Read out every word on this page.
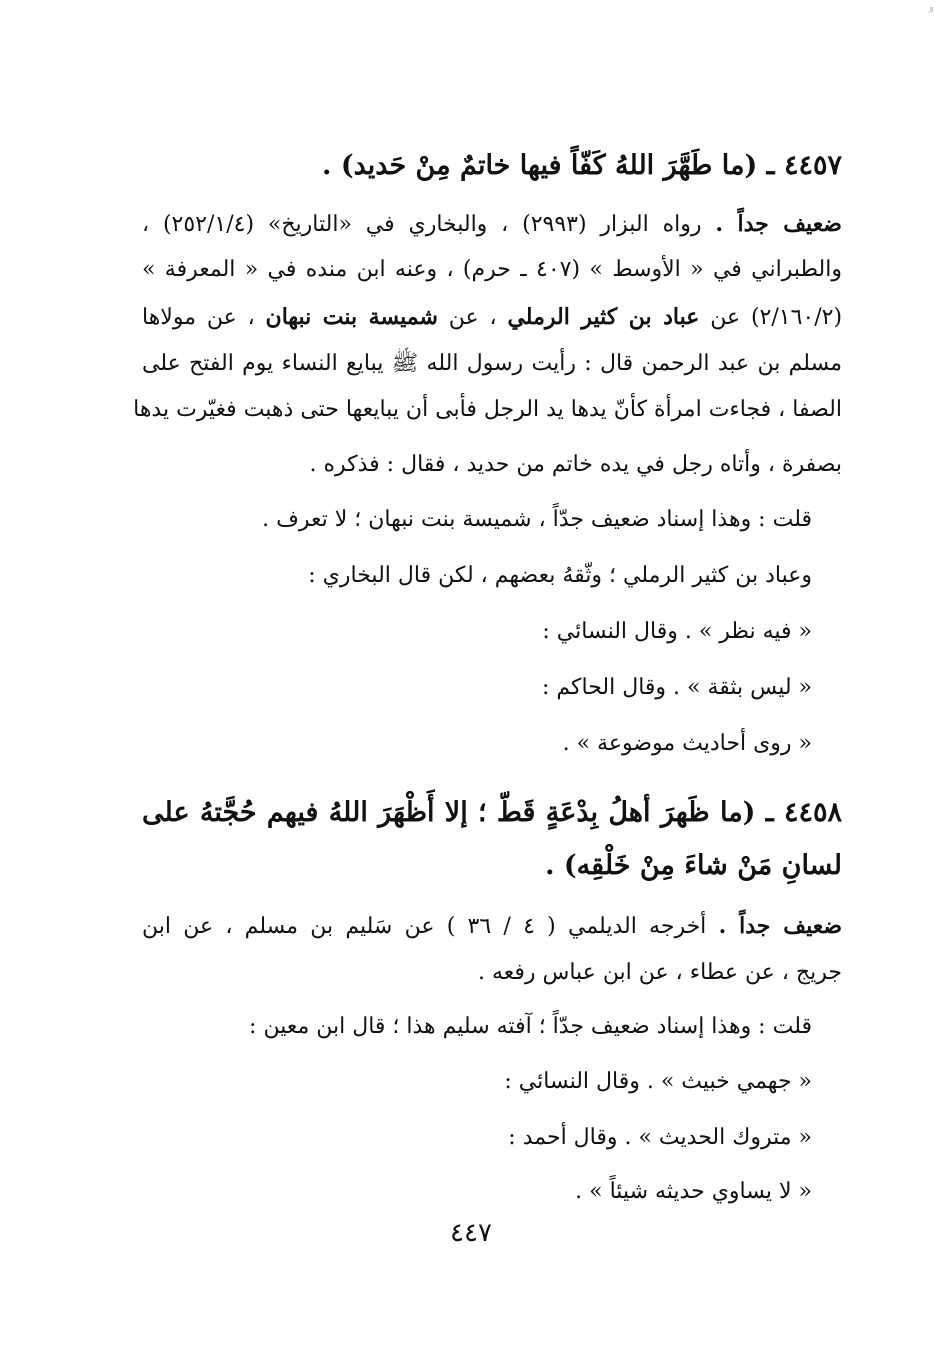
ﻭ
٤٤٥٧ ـ (ما طَهَّرَ اللهُ كَفّاً فيها خاتمٌ مِنْ حَديد) .
ضعيف جداً . رواه البزار (٢٩٩٣) ، والبخاري في «التاريخ» (٢٥٢/١/٤) ،
والطبراني في « الأوسط » (٤٠٧ ـ حرم) ، وعنه ابن منده في « المعرفة »
(٢/١٦٠/٢) عن عباد بن كثير الرملي ، عن شميسة بنت نبهان ، عن مولاها
مسلم بن عبد الرحمن قال : رأيت رسول الله ﷺ يبايع النساء يوم الفتح على
الصفا ، فجاءت امرأة كأنّ يدها يد الرجل فأبى أن يبايعها حتى ذهبت فغيّرت يدها
بصفرة ، وأتاه رجل في يده خاتم من حديد ، فقال : فذكره .
قلت : وهذا إسناد ضعيف جدّاً ، شميسة بنت نبهان ؛ لا تعرف .
وعباد بن كثير الرملي ؛ وثّقهُ بعضهم ، لكن قال البخاري :
« فيه نظر » . وقال النسائي :
« ليس بثقة » . وقال الحاكم :
« روى أحاديث موضوعة » .
٤٤٥٨ ـ (ما ظَهرَ أهلُ بِدْعَةٍ قَطّ ؛ إلا أَظْهَرَ اللهُ فيهم حُجَّتهُ على
لسانِ مَنْ شاءَ مِنْ خَلْقِه) .
ضعيف جداً . أخرجه الديلمي ( ٤ / ٣٦ ) عن سَليم بن مسلم ، عن ابن
جريج ، عن عطاء ، عن ابن عباس رفعه .
قلت : وهذا إسناد ضعيف جدّاً ؛ آفته سليم هذا ؛ قال ابن معين :
« جهمي خبيث » . وقال النسائي :
« متروك الحديث » . وقال أحمد :
« لا يساوي حديثه شيئاً » .
٤٤٧
